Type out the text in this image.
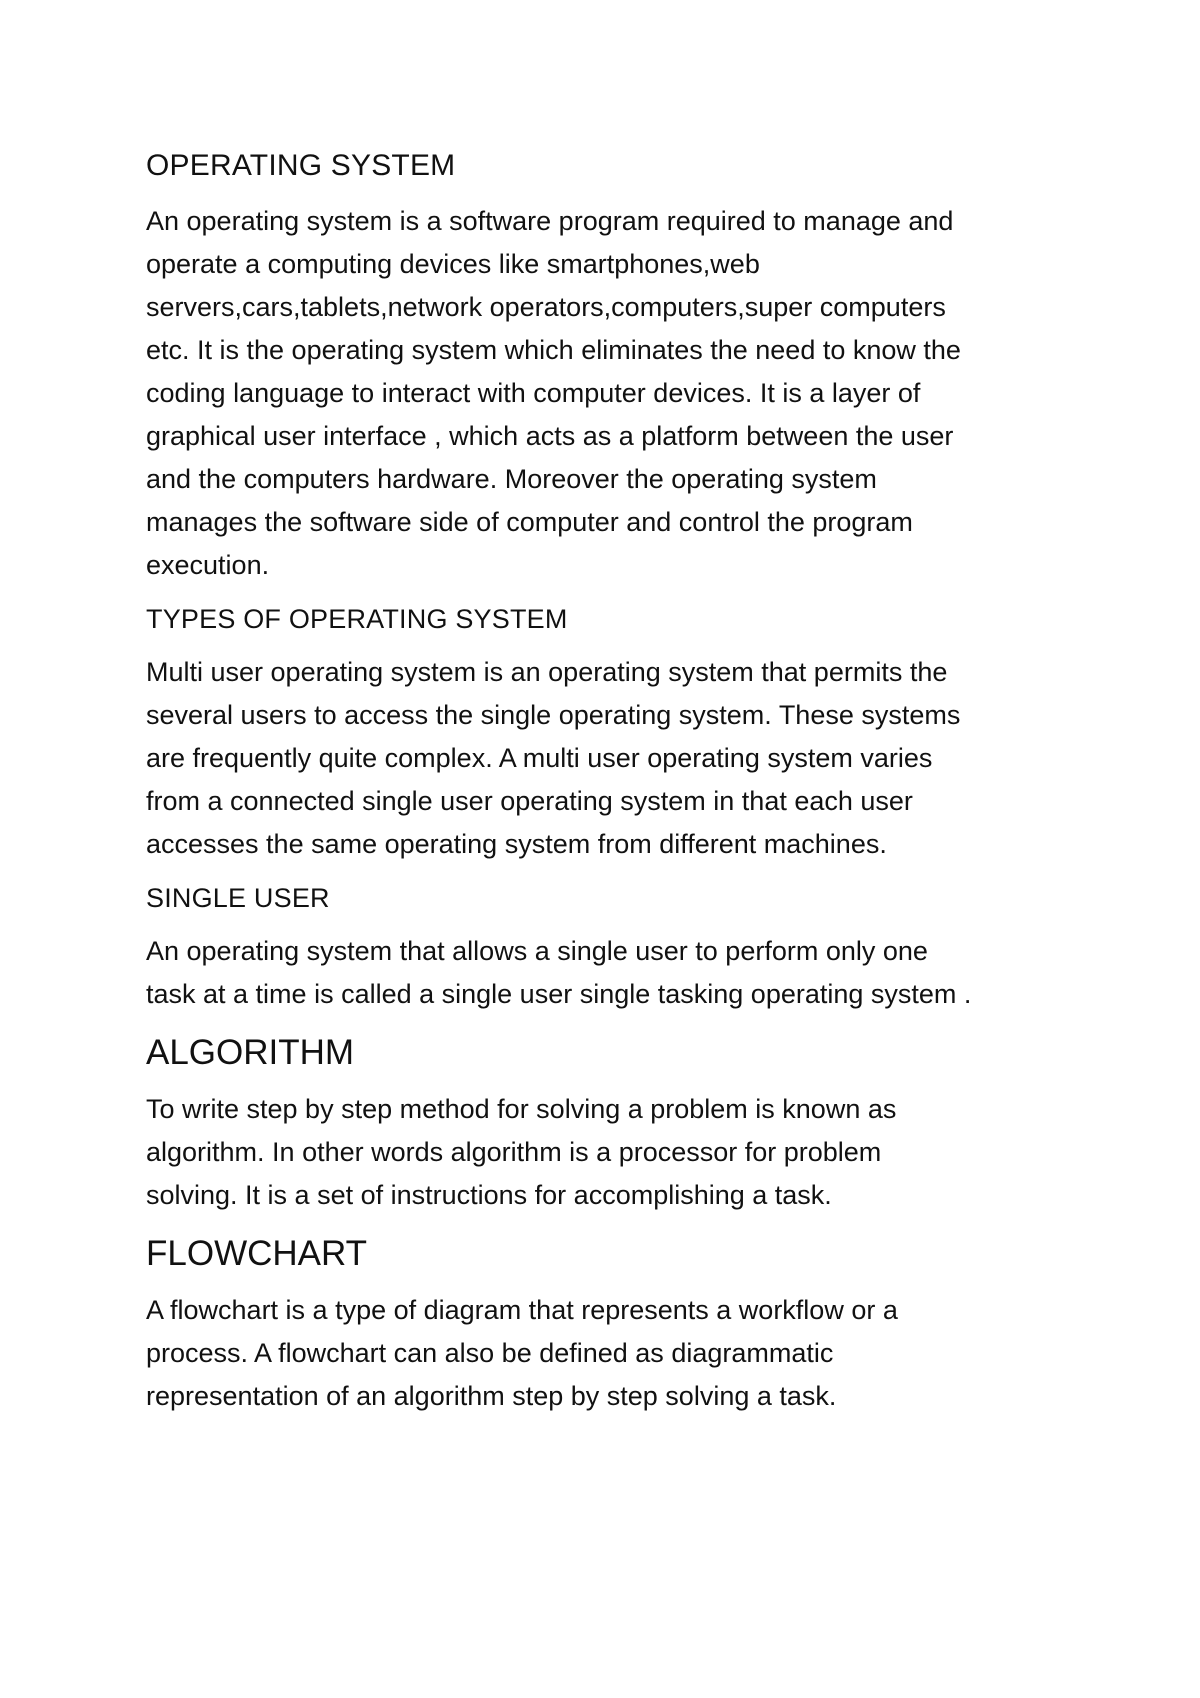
OPERATING SYSTEM
An operating system is a software program required to manage and
operate a computing devices like smartphones,web
servers,cars,tablets,network operators,computers,super computers
etc. It is the operating system which eliminates the need to know the
coding language to interact with computer devices. It is a layer of
graphical user interface , which acts as a platform between the user
and the computers hardware. Moreover the operating system
manages the software side of computer and control the program
execution.
TYPES OF OPERATING SYSTEM
Multi user operating system is an operating system that permits the
several users to access the single operating system. These systems
are frequently quite complex. A multi user operating system varies
from a connected single user operating system in that each user
accesses the same operating system from different machines.
SINGLE USER
An operating system that allows a single user to perform only one
task at a time is called a single user single tasking operating system .
ALGORITHM
To write step by step method for solving a problem is known as
algorithm. In other words algorithm is a processor for problem
solving. It is a set of instructions for accomplishing a task.
FLOWCHART
A flowchart is a type of diagram that represents a workflow or a
process. A flowchart can also be defined as diagrammatic
representation of an algorithm step by step solving a task.
